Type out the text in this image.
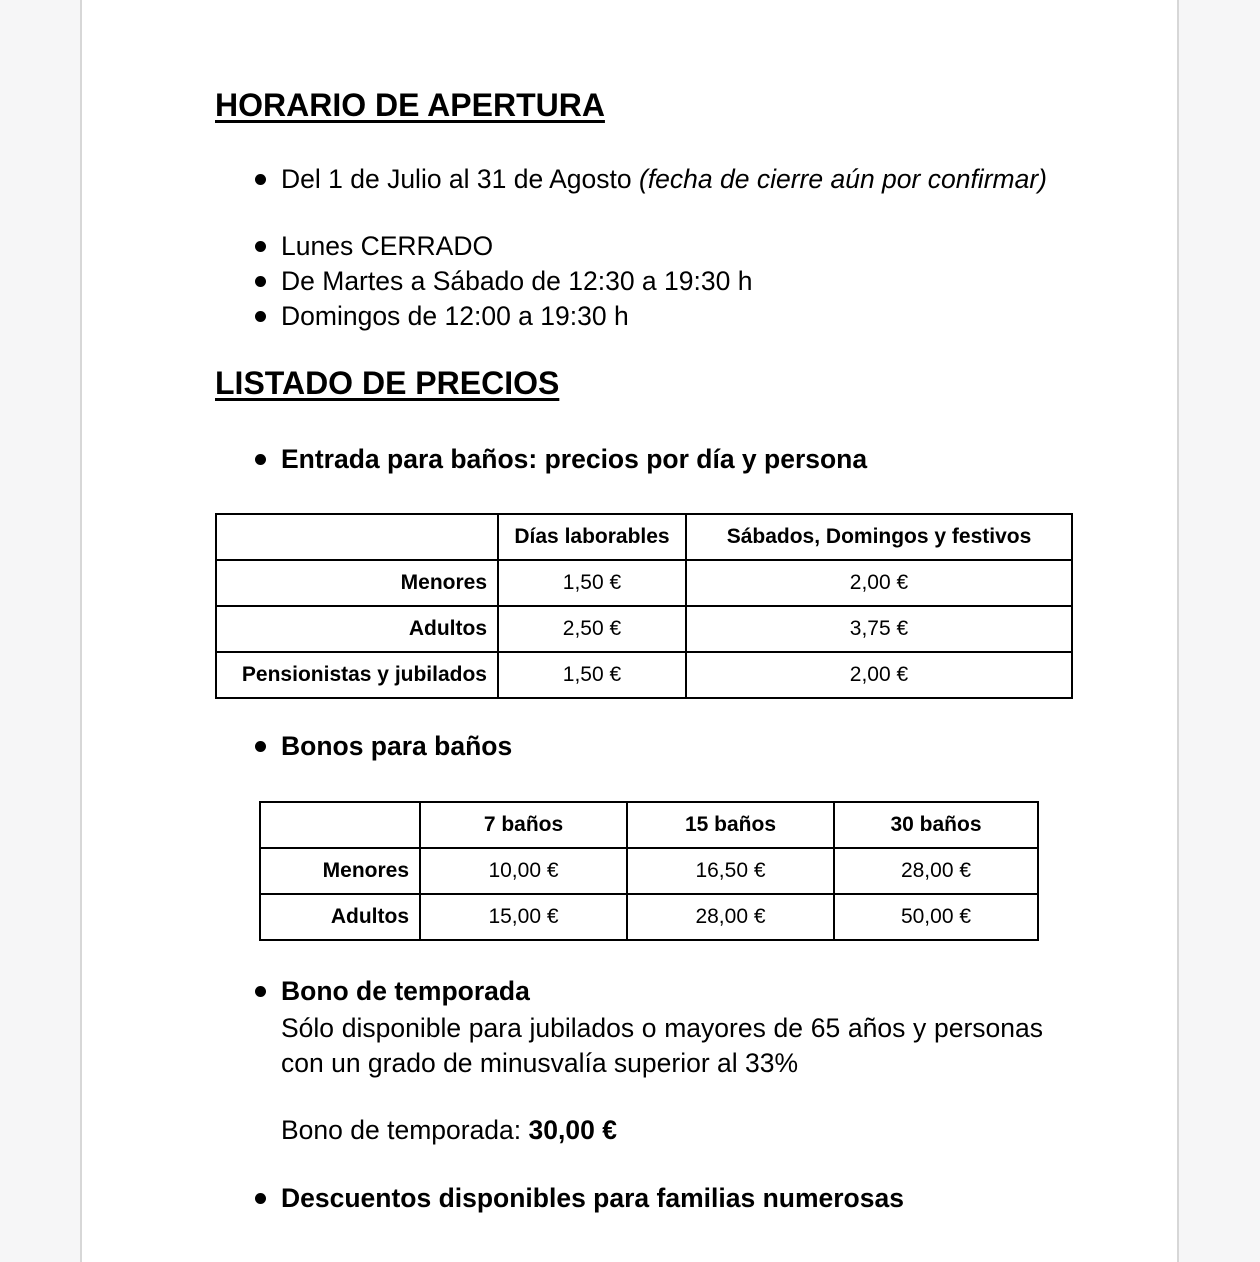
HORARIO DE APERTURA
Del 1 de Julio al 31 de Agosto (fecha de cierre aún por confirmar)
Lunes CERRADO
De Martes a Sábado de 12:30 a 19:30 h
Domingos de 12:00 a 19:30 h
LISTADO DE PRECIOS
Entrada para baños: precios por día y persona
	Días laborables	Sábados, Domingos y festivos
Menores	1,50 €	2,00 €
Adultos	2,50 €	3,75 €
Pensionistas y jubilados	1,50 €	2,00 €
Bonos para baños
	7 baños	15 baños	30 baños
Menores	10,00 €	16,50 €	28,00 €
Adultos	15,00 €	28,00 €	50,00 €
Bono de temporada
Sólo disponible para jubilados o mayores de 65 años y personas
con un grado de minusvalía superior al 33%
Bono de temporada: 30,00 €
Descuentos disponibles para familias numerosas
